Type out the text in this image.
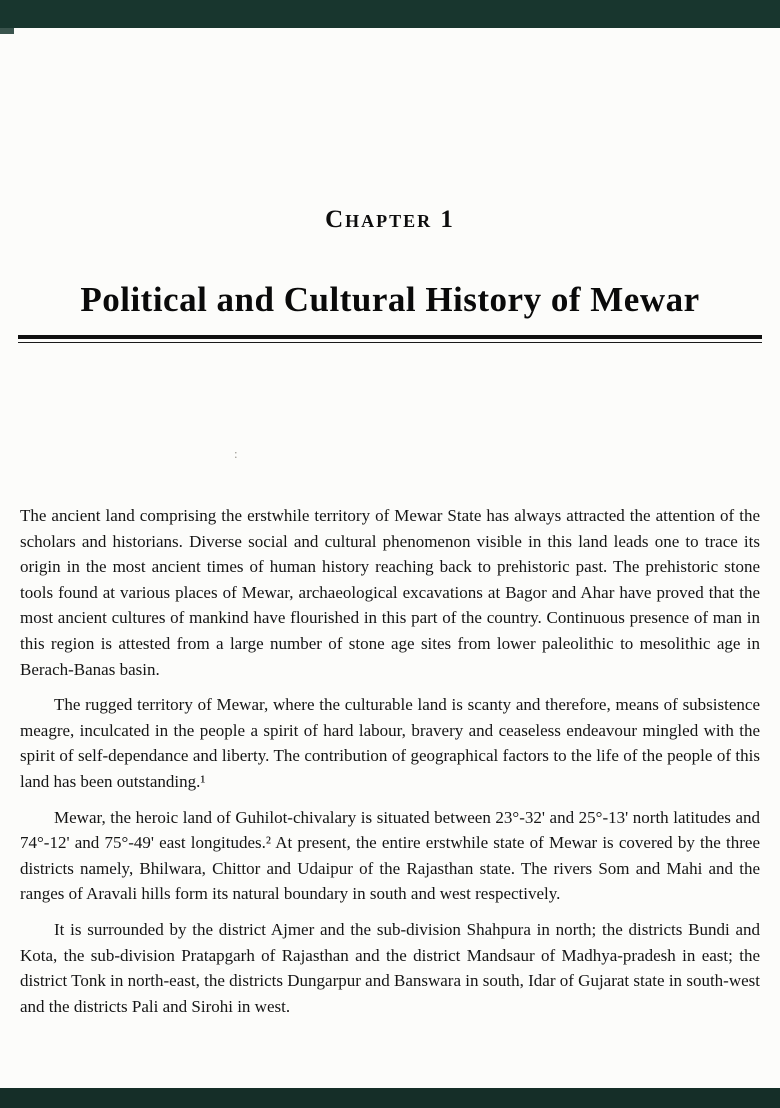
Chapter 1
Political and Cultural History of Mewar
:

The ancient land comprising the erstwhile territory of Mewar State has always attracted the attention of the scholars and historians. Diverse social and cultural phenomenon visible in this land leads one to trace its origin in the most ancient times of human history reaching back to prehistoric past. The prehistoric stone tools found at various places of Mewar, archaeological excavations at Bagor and Ahar have proved that the most ancient cultures of mankind have flourished in this part of the country. Continuous presence of man in this region is attested from a large number of stone age sites from lower paleolithic to mesolithic age in Berach-Banas basin.

The rugged territory of Mewar, where the culturable land is scanty and therefore, means of subsistence meagre, inculcated in the people a spirit of hard labour, bravery and ceaseless endeavour mingled with the spirit of self-dependance and liberty. The contribution of geographical factors to the life of the people of this land has been outstanding.¹

Mewar, the heroic land of Guhilot-chivalary is situated between 23°-32' and 25°-13' north latitudes and 74°-12' and 75°-49' east longitudes.² At present, the entire erstwhile state of Mewar is covered by the three districts namely, Bhilwara, Chittor and Udaipur of the Rajasthan state. The rivers Som and Mahi and the ranges of Aravali hills form its natural boundary in south and west respectively.

It is surrounded by the district Ajmer and the sub-division Shahpura in north; the districts Bundi and Kota, the sub-division Pratapgarh of Rajasthan and the district Mandsaur of Madhya-pradesh in east; the district Tonk in north-east, the districts Dungarpur and Banswara in south, Idar of Gujarat state in south-west and the districts Pali and Sirohi in west.
